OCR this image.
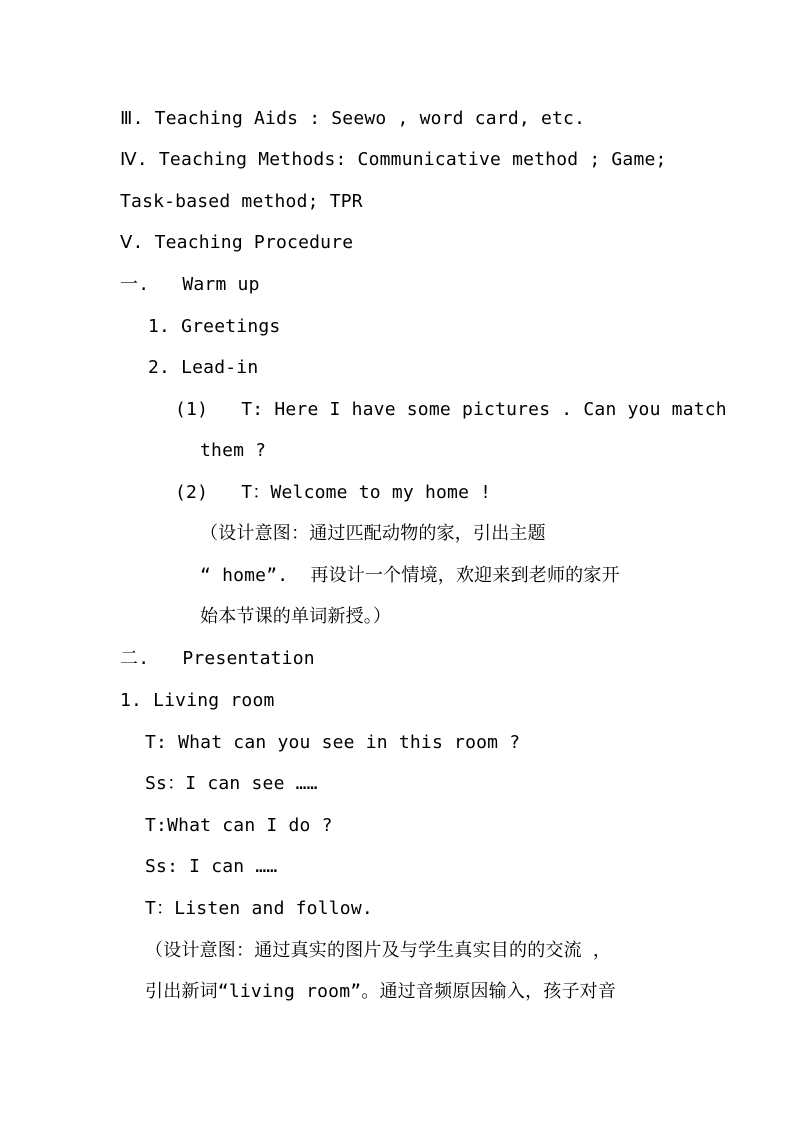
Ⅲ. Teaching Aids : Seewo , word card, etc.
Ⅳ. Teaching Methods: Communicative method ; Game;
Task-based method; TPR
Ⅴ. Teaching Procedure
一.   Warm up
1. Greetings
2. Lead-in
(1)   T: Here I have some pictures . Can you match
them ?
(2)   T：Welcome to my home !
（设计意图：通过匹配动物的家，引出主题
“ home”.  再设计一个情境，欢迎来到老师的家开
始本节课的单词新授。）
二.   Presentation
1. Living room
T: What can you see in this room ?
Ss：I can see ……
T:What can I do ?
Ss: I can ……
T：Listen and follow.
（设计意图：通过真实的图片及与学生真实目的的交流 ，
引出新词“living room”。通过音频原因输入，孩子对音
